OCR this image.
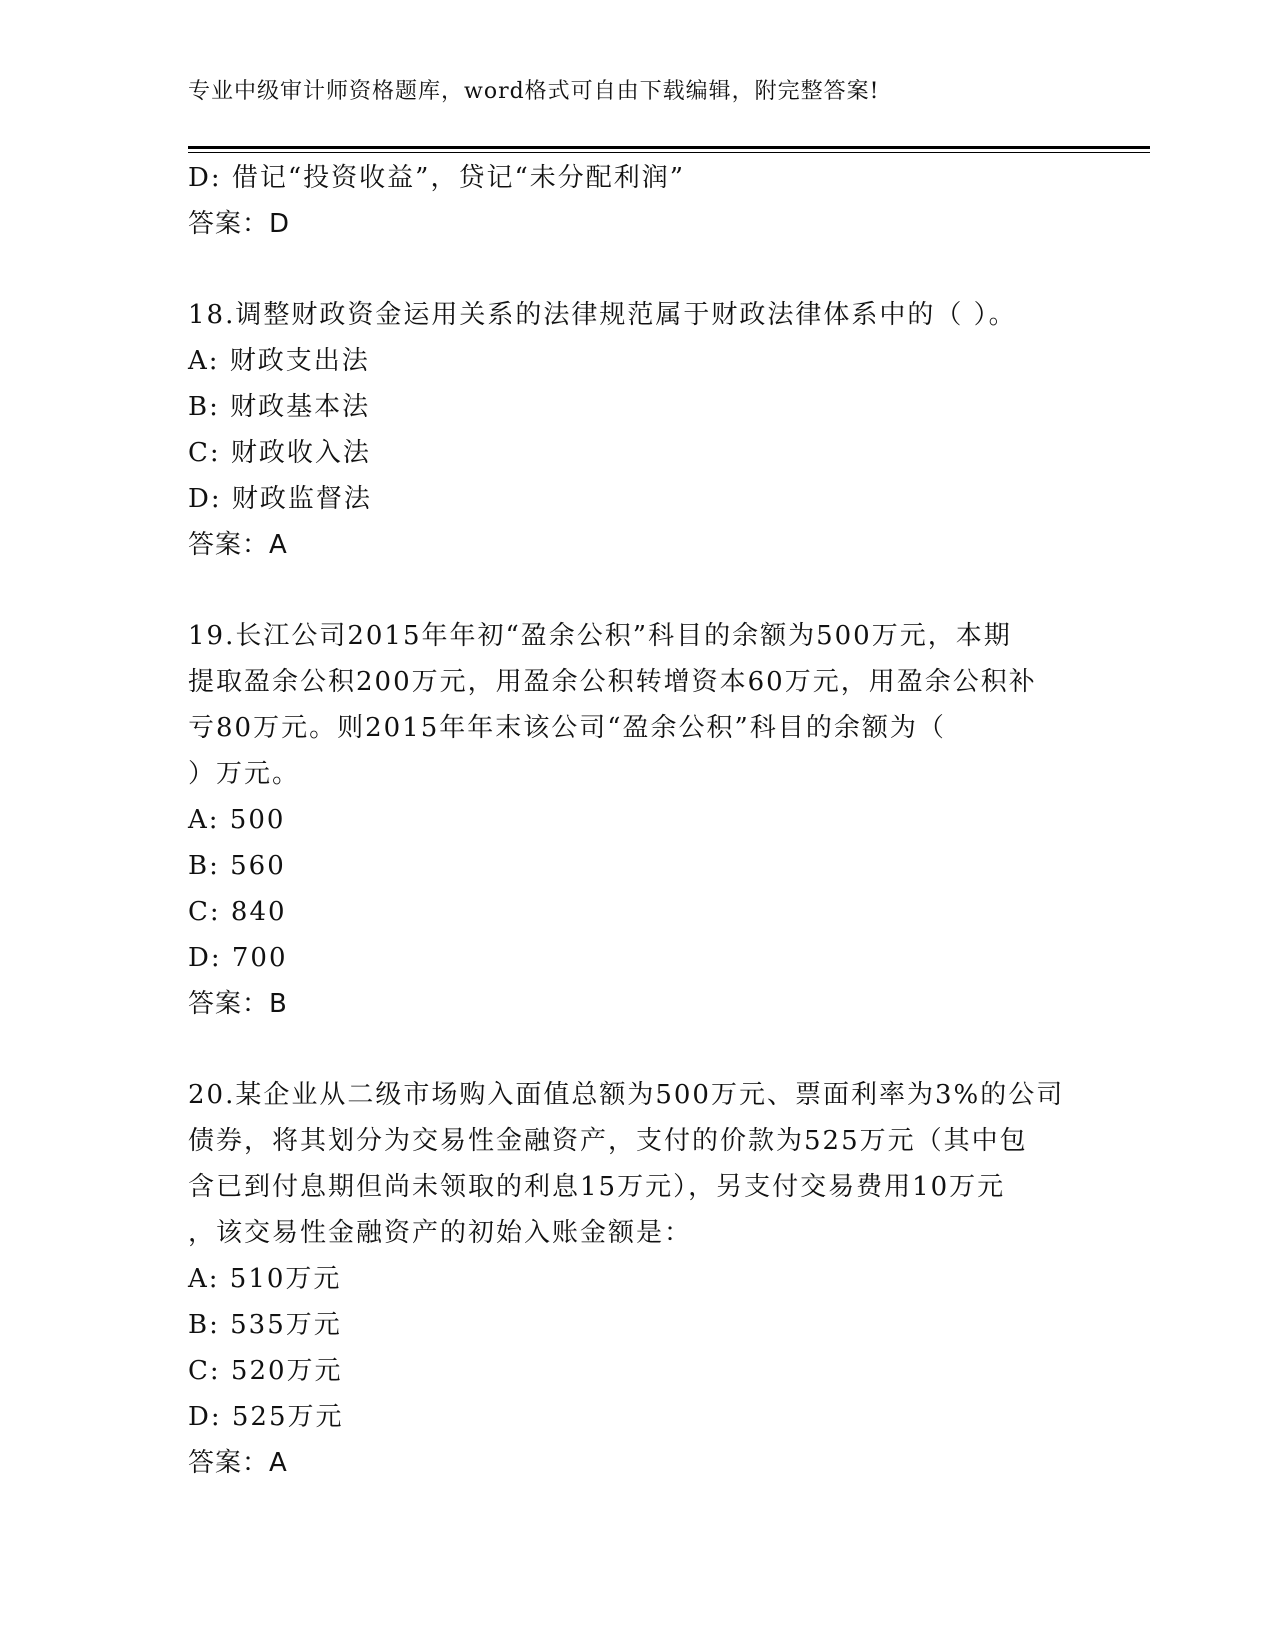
专业中级审计师资格题库，word格式可自由下载编辑，附完整答案!
D: 借记“投资收益”，贷记“未分配利润”
答案：D
18.调整财政资金运用关系的法律规范属于财政法律体系中的（ ）。
A: 财政支出法
B: 财政基本法
C: 财政收入法
D: 财政监督法
答案：A
19.长江公司2015年年初“盈余公积”科目的余额为500万元，本期
提取盈余公积200万元，用盈余公积转增资本60万元，用盈余公积补
亏80万元。则2015年年末该公司“盈余公积”科目的余额为（
）万元。
A: 500
B: 560
C: 840
D: 700
答案：B
20.某企业从二级市场购入面值总额为500万元、票面利率为3%的公司
债券，将其划分为交易性金融资产，支付的价款为525万元（其中包
含已到付息期但尚未领取的利息15万元），另支付交易费用10万元
，该交易性金融资产的初始入账金额是：
A: 510万元
B: 535万元
C: 520万元
D: 525万元
答案：A
